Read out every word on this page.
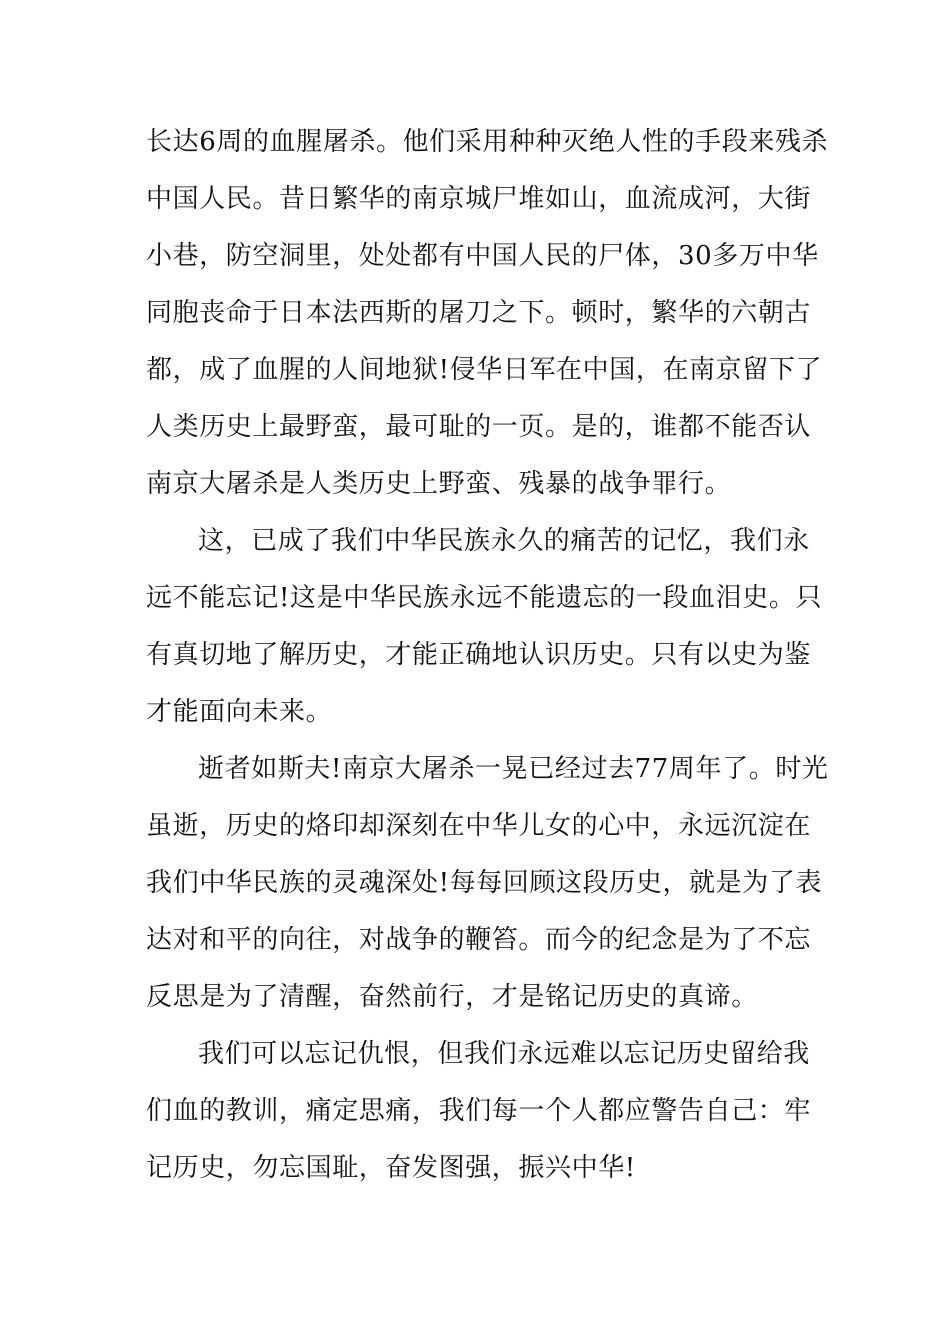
长达6周的血腥屠杀。他们采用种种灭绝人性的手段来残杀
中国人民。昔日繁华的南京城尸堆如山，血流成河，大街
小巷，防空洞里，处处都有中国人民的尸体，30多万中华
同胞丧命于日本法西斯的屠刀之下。顿时，繁华的六朝古
都，成了血腥的人间地狱!侵华日军在中国，在南京留下了
人类历史上最野蛮，最可耻的一页。是的，谁都不能否认
南京大屠杀是人类历史上野蛮、残暴的战争罪行。
这，已成了我们中华民族永久的痛苦的记忆，我们永
远不能忘记!这是中华民族永远不能遗忘的一段血泪史。只
有真切地了解历史，才能正确地认识历史。只有以史为鉴
才能面向未来。
逝者如斯夫!南京大屠杀一晃已经过去77周年了。时光
虽逝，历史的烙印却深刻在中华儿女的心中，永远沉淀在
我们中华民族的灵魂深处!每每回顾这段历史，就是为了表
达对和平的向往，对战争的鞭笞。而今的纪念是为了不忘
反思是为了清醒，奋然前行，才是铭记历史的真谛。
我们可以忘记仇恨，但我们永远难以忘记历史留给我
们血的教训，痛定思痛，我们每一个人都应警告自己：牢
记历史，勿忘国耻，奋发图强，振兴中华!
